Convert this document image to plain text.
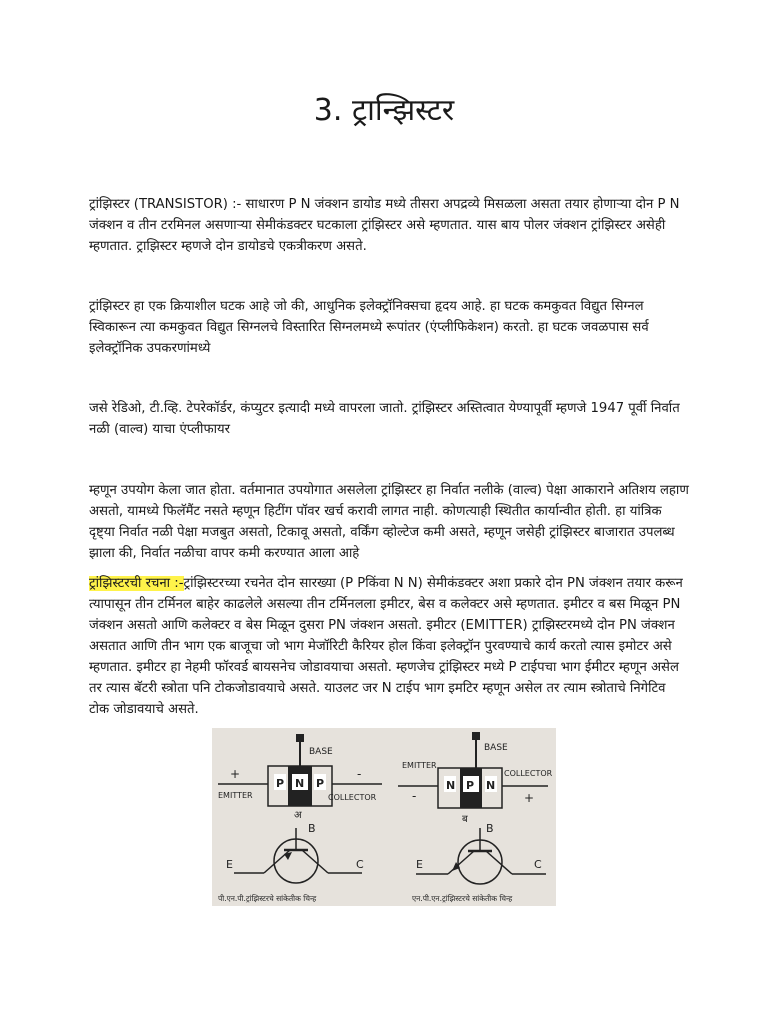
3. ट्रान्झिस्टर

ट्रांझिस्टर (TRANSISTOR) :- साधारण P N जंक्शन डायोड मध्ये तीसरा अपद्रव्ये मिसळला असता तयार होणाऱ्या दोन P N जंक्शन व तीन टरमिनल असणाऱ्या सेमीकंडक्टर घटकाला ट्रांझिस्टर असे म्हणतात. यास बाय पोलर जंक्शन ट्रांझिस्टर असेही म्हणतात. ट्राझिस्टर म्हणजे दोन डायोडचे एकत्रीकरण असते.

ट्रांझिस्टर हा एक क्रियाशील घटक आहे जो की, आधुनिक इलेक्ट्रॉनिक्सचा हृदय आहे. हा घटक कमकुवत विद्युत सिग्नल स्विकारून त्या कमकुवत विद्युत सिग्नलचे विस्तारित सिग्नलमध्ये रूपांतर (एंप्लीफिकेशन) करतो. हा घटक जवळपास सर्व इलेक्ट्रॉनिक उपकरणांमध्ये

जसे रेडिओ, टी.व्हि. टेपरेकॉर्डर, कंप्युटर इत्यादी मध्ये वापरला जातो. ट्रांझिस्टर अस्तित्वात येण्यापूर्वी म्हणजे 1947 पूर्वी निर्वात नळी (वाल्व) याचा एंप्लीफायर

म्हणून उपयोग केला जात होता. वर्तमानात उपयोगात असलेला ट्रांझिस्टर हा निर्वात नलीके (वाल्व) पेक्षा आकाराने अतिशय लहाण असतो, यामध्ये फिलॅमैंट नसते म्हणून हिटींग पॉवर खर्च करावी लागत नाही. कोणत्याही स्थितीत कार्यान्वीत होती. हा यांत्रिक दृष्ट्या निर्वात नळी पेक्षा मजबुत असतो, टिकावू असतो, वर्किंग व्होल्टेज कमी असते, म्हणून जसेही ट्रांझिस्टर बाजारात उपलब्ध झाला की, निर्वात नळीचा वापर कमी करण्यात आला आहे

ट्रांझिस्टरची रचना :-ट्रांझिस्टरच्या रचनेत दोन सारख्या (P Pकिंवा N N) सेमीकंडक्टर अशा प्रकारे दोन PN जंक्शन तयार करून त्यापासून तीन टर्मिनल बाहेर काढलेले असल्या तीन टर्मिनलला इमीटर, बेस व कलेक्टर असे म्हणतात. इमीटर व बस मिळून PN जंक्शन असतो आणि कलेक्टर व बेस मिळून दुसरा PN जंक्शन असतो. इमीटर (EMITTER) ट्राझिस्टरमध्ये दोन PN जंक्शन असतात आणि तीन भाग एक बाजूचा जो भाग मेजॉरिटी कैरियर होल किंवा इलेक्ट्रॉन पुरवण्याचे कार्य करतो त्यास इमोटर असे म्हणतात. इमीटर हा नेहमी फॉरवर्ड बायसनेच जोडावयाचा असतो. म्हणजेच ट्रांझिस्टर मध्ये P टाईपचा भाग ईमीटर म्हणून असेल तर त्यास बॅटरी स्त्रोता पनि टोकजोडावयाचे असते. याउलट जर N टाईप भाग इमटिर म्हणून असेल तर त्याम स्त्रोताचे निगेटिव टोक जोडावयाचे असते.

BASE
P N P
+	-
EMITTER	COLLECTOR
अ
B
E	C
पी.एन.पी.ट्रांझिस्टरचे सांकेतीक चिन्ह
BASE
N P N
EMITTER
COLLECTOR
-	+
ब
B
E	C
एन.पी.एन.ट्रांझिस्टरचे सांकेतीक चिन्ह
